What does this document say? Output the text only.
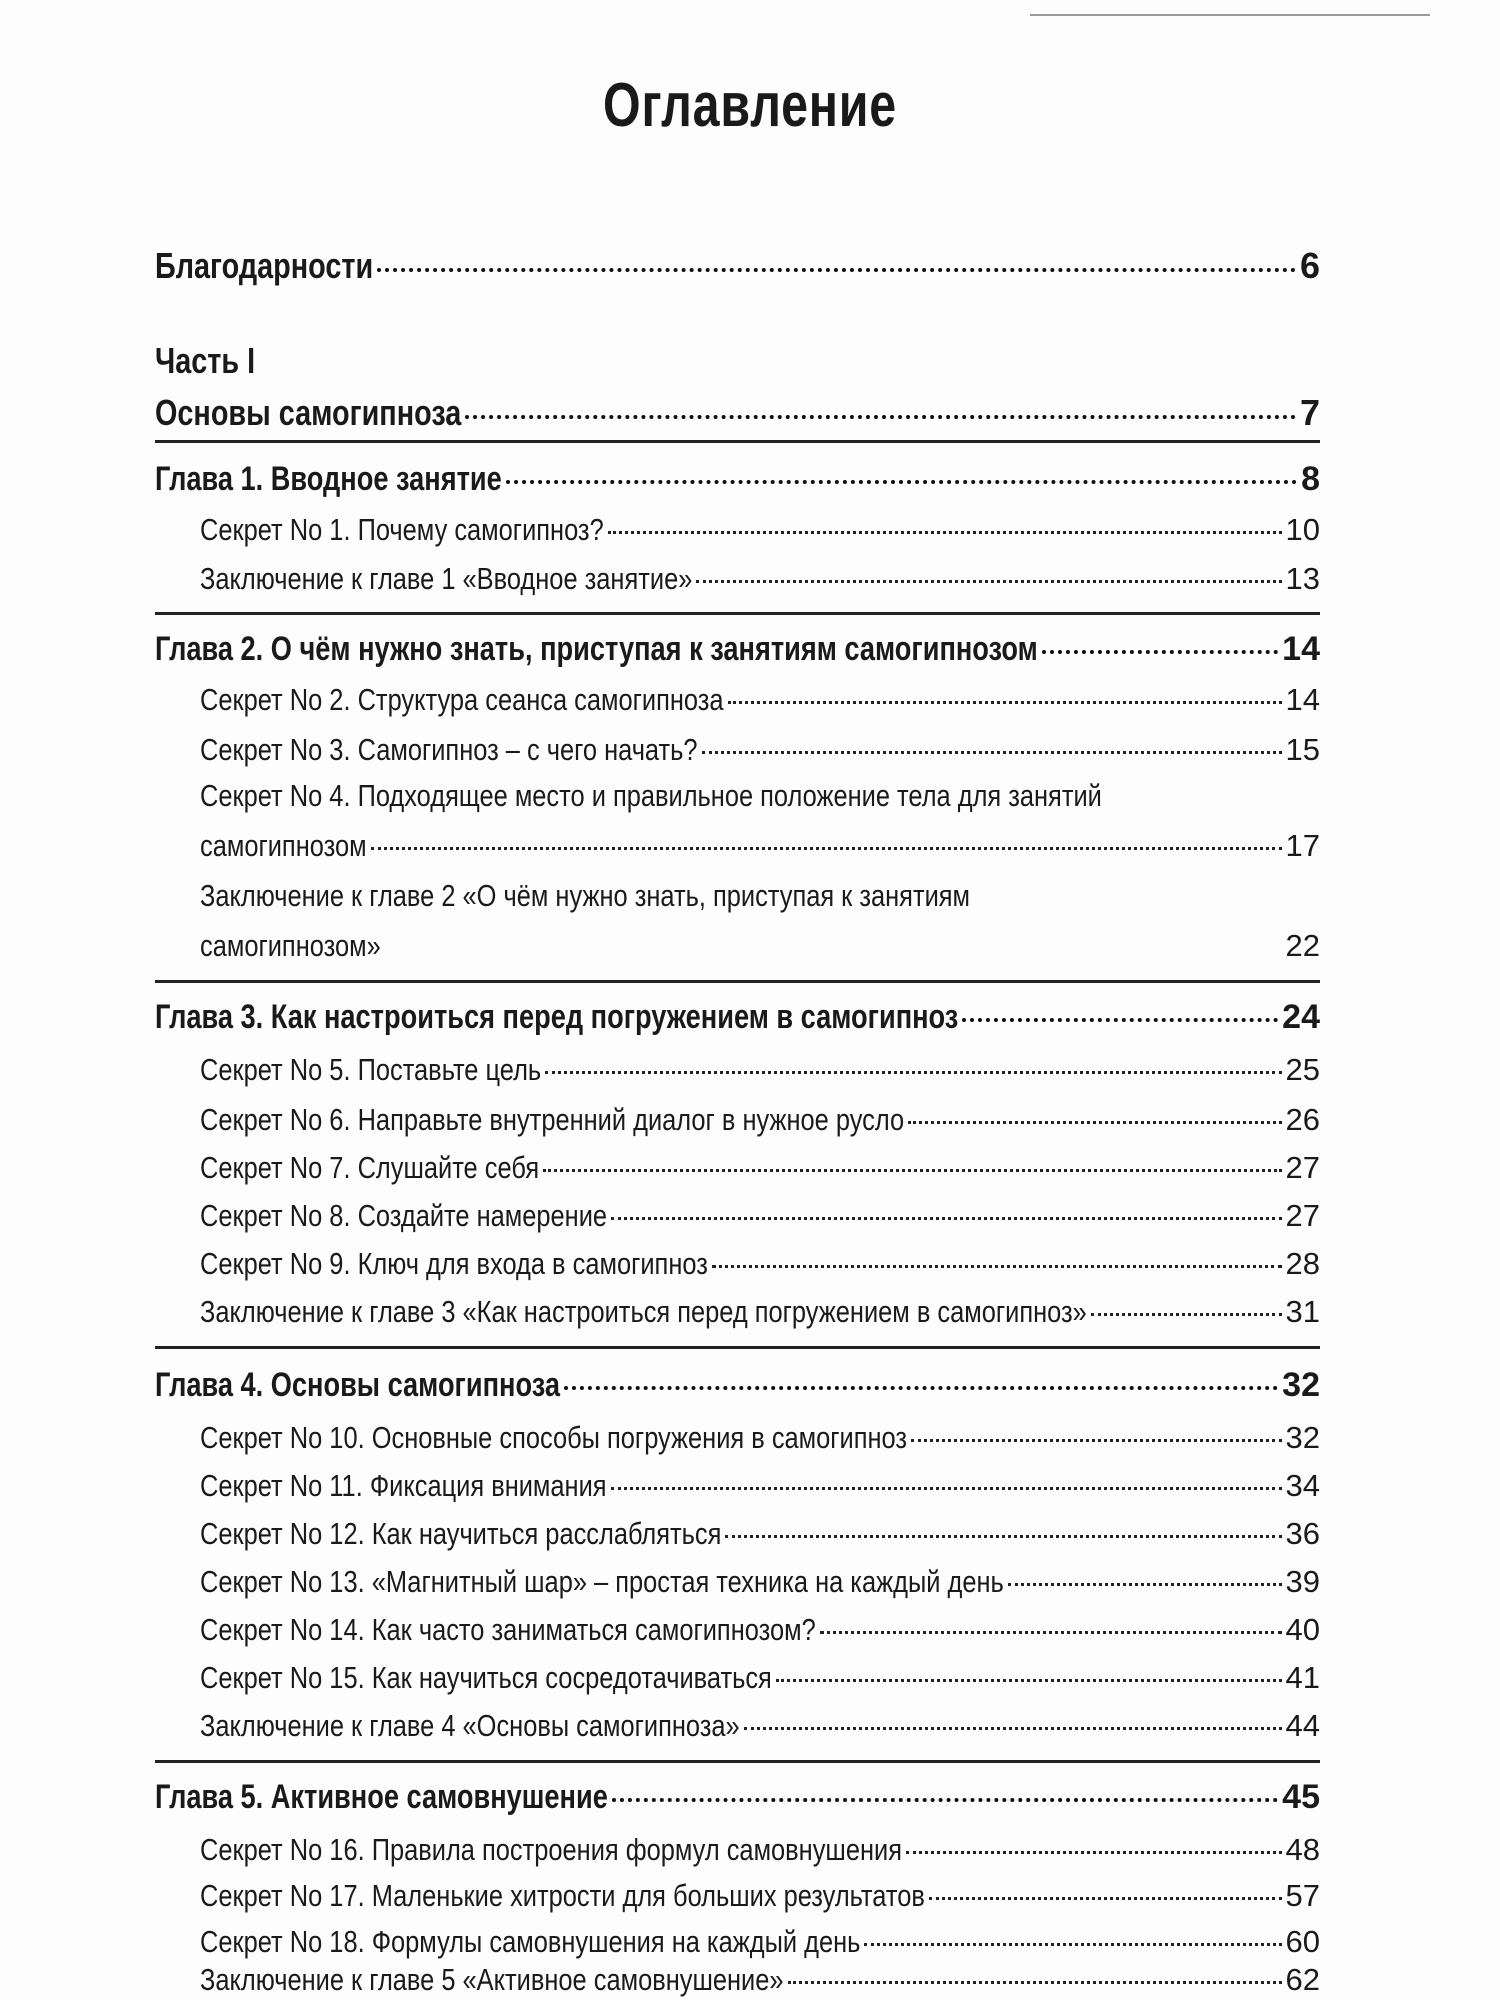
Оглавление
Благодарности	6
Часть I
Основы самогипноза	7
Глава 1. Вводное занятие	8
Секрет No 1. Почему самогипноз?	10
Заключение к главе 1 «Вводное занятие»	13
Глава 2. О чём нужно знать, приступая к занятиям самогипнозом	14
Секрет No 2. Структура сеанса самогипноза	14
Секрет No 3. Самогипноз – с чего начать?	15
Секрет No 4. Подходящее место и правильное положение тела для занятий
самогипнозом	17
Заключение к главе 2 «О чём нужно знать, приступая к занятиям
самогипнозом»	22
Глава 3. Как настроиться перед погружением в самогипноз	24
Секрет No 5. Поставьте цель	25
Секрет No 6. Направьте внутренний диалог в нужное русло	26
Секрет No 7. Слушайте себя	27
Секрет No 8. Создайте намерение	27
Секрет No 9. Ключ для входа в самогипноз	28
Заключение к главе 3 «Как настроиться перед погружением в самогипноз»	31
Глава 4. Основы самогипноза	32
Секрет No 10. Основные способы погружения в самогипноз	32
Секрет No 11. Фиксация внимания	34
Секрет No 12. Как научиться расслабляться	36
Секрет No 13. «Магнитный шар» – простая техника на каждый день	39
Секрет No 14. Как часто заниматься самогипнозом?	40
Секрет No 15. Как научиться сосредотачиваться	41
Заключение к главе 4 «Основы самогипноза»	44
Глава 5. Активное самовнушение	45
Секрет No 16. Правила построения формул самовнушения	48
Секрет No 17. Маленькие хитрости для больших результатов	57
Секрет No 18. Формулы самовнушения на каждый день	60
Заключение к главе 5 «Активное самовнушение»	62
